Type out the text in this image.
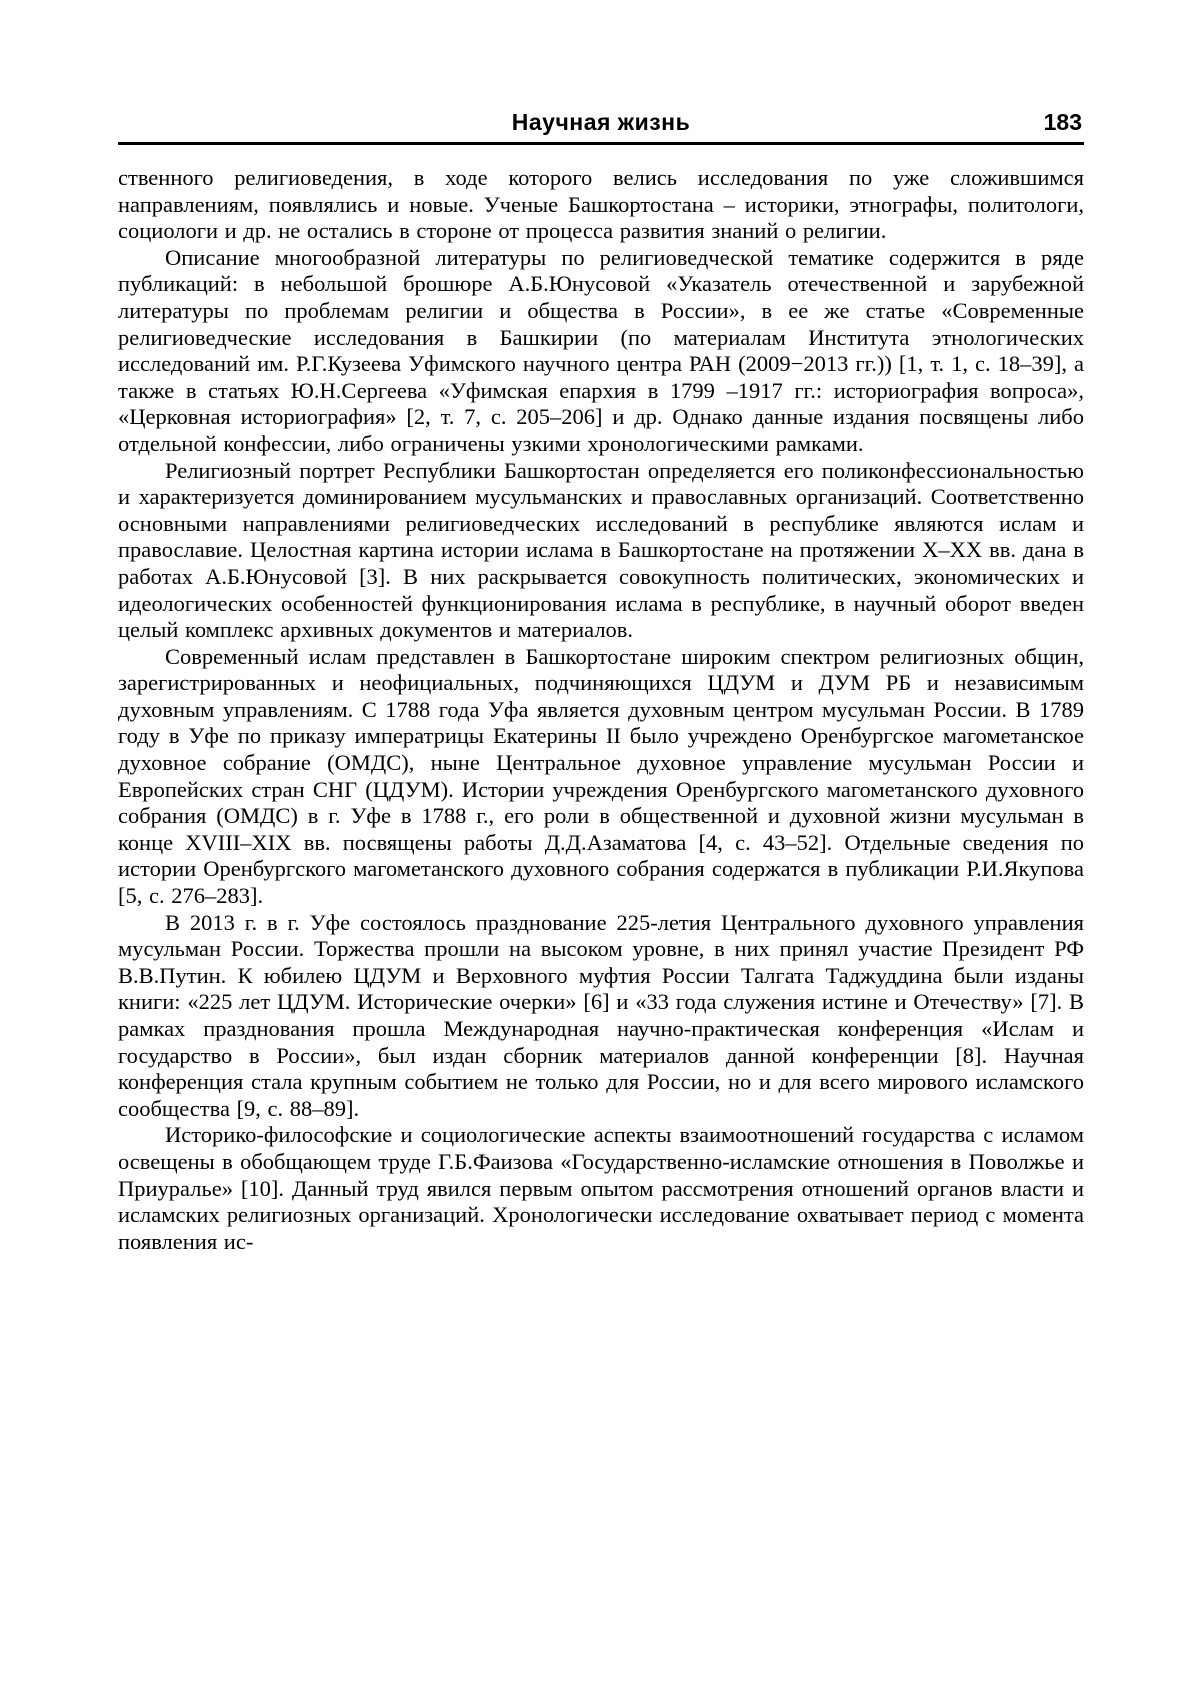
Научная жизнь	183

ственного религиоведения, в ходе которого велись исследования по уже сложившимся направлениям, появлялись и новые. Ученые Башкортостана – историки, этнографы, политологи, социологи и др. не остались в стороне от процесса развития знаний о религии.

Описание многообразной литературы по религиоведческой тематике содержится в ряде публикаций: в небольшой брошюре А.Б.Юнусовой «Указатель отечественной и зарубежной литературы по проблемам религии и общества в России», в ее же статье «Современные религиоведческие исследования в Башкирии (по материалам Института этнологических исследований им. Р.Г.Кузеева Уфимского научного центра РАН (2009−2013 гг.)) [1, т. 1, с. 18–39], а также в статьях Ю.Н.Сергеева «Уфимская епархия в 1799 –1917 гг.: историография вопроса», «Церковная историография» [2, т. 7, с. 205–206] и др. Однако данные издания посвящены либо отдельной конфессии, либо ограничены узкими хронологическими рамками.

Религиозный портрет Республики Башкортостан определяется его поликонфессиональностью и характеризуется доминированием мусульманских и православных организаций. Соответственно основными направлениями религиоведческих исследований в республике являются ислам и православие. Целостная картина истории ислама в Башкортостане на протяжении X–XX вв. дана в работах А.Б.Юнусовой [3]. В них раскрывается совокупность политических, экономических и идеологических особенностей функционирования ислама в республике, в научный оборот введен целый комплекс архивных документов и материалов.

Современный ислам представлен в Башкортостане широким спектром религиозных общин, зарегистрированных и неофициальных, подчиняющихся ЦДУМ и ДУМ РБ и независимым духовным управлениям. С 1788 года Уфа является духовным центром мусульман России. В 1789 году в Уфе по приказу императрицы Екатерины II было учреждено Оренбургское магометанское духовное собрание (ОМДС), ныне Центральное духовное управление мусульман России и Европейских стран СНГ (ЦДУМ). Истории учреждения Оренбургского магометанского духовного собрания (ОМДС) в г. Уфе в 1788 г., его роли в общественной и духовной жизни мусульман в конце XVIII–XIX вв. посвящены работы Д.Д.Азаматова [4, с. 43–52]. Отдельные сведения по истории Оренбургского магометанского духовного собрания содержатся в публикации Р.И.Якупова [5, с. 276–283].

В 2013 г. в г. Уфе состоялось празднование 225-летия Центрального духовного управления мусульман России. Торжества прошли на высоком уровне, в них принял участие Президент РФ В.В.Путин. К юбилею ЦДУМ и Верховного муфтия России Талгата Таджуддина были изданы книги: «225 лет ЦДУМ. Исторические очерки» [6] и «33 года служения истине и Отечеству» [7]. В рамках празднования прошла Международная научно-практическая конференция «Ислам и государство в России», был издан сборник материалов данной конференции [8]. Научная конференция стала крупным событием не только для России, но и для всего мирового исламского сообщества [9, с. 88–89].

Историко-философские и социологические аспекты взаимоотношений государства с исламом освещены в обобщающем труде Г.Б.Фаизова «Государственно-исламские отношения в Поволжье и Приуралье» [10]. Данный труд явился первым опытом рассмотрения отношений органов власти и исламских религиозных организаций. Хронологически исследование охватывает период с момента появления ис-
